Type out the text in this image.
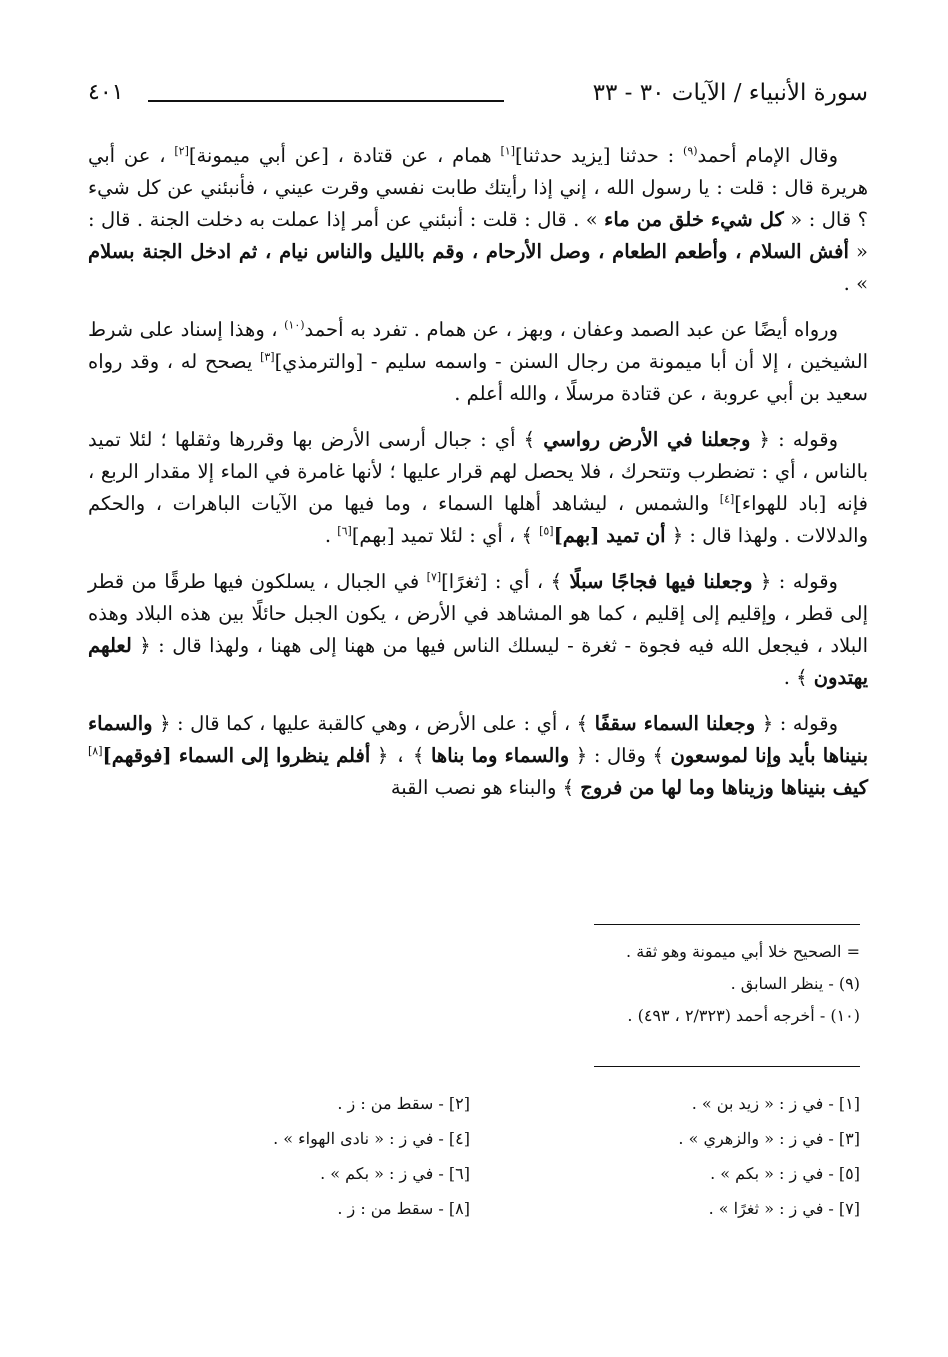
سورة الأنبياء / الآيات ٣٠ - ٣٣
٤٠١

وقال الإمام أحمد$^{(٩)}$ : حدثنا [يزيد حدثنا][١] همام ، عن قتادة ، [عن أبي ميمونة][٢] ، عن أبي هريرة قال : قلت : يا رسول الله ، إني إذا رأيتك طابت نفسي وقرت عيني ، فأنبئني عن كل شيء ؟ قال : « كل شيء خلق من ماء » . قال : قلت : أنبئني عن أمر إذا عملت به دخلت الجنة . قال : « أفش السلام ، وأطعم الطعام ، وصل الأرحام ، وقم بالليل والناس نيام ، ثم ادخل الجنة بسلام » .

ورواه أيضًا عن عبد الصمد وعفان ، وبهز ، عن همام . تفرد به أحمد$^{(١٠)}$ ، وهذا إسناد على شرط الشيخين ، إلا أن أبا ميمونة من رجال السنن - واسمه سليم - [والترمذي][٣] يصحح له ، وقد رواه سعيد بن أبي عروبة ، عن قتادة مرسلًا ، والله أعلم .

وقوله : ﴿ وجعلنا في الأرض رواسي ﴾ أي : جبال أرسى الأرض بها وقررها وثقلها ؛ لئلا تميد بالناس ، أي : تضطرب وتتحرك ، فلا يحصل لهم قرار عليها ؛ لأنها غامرة في الماء إلا مقدار الربع ، فإنه [باد للهواء][٤] والشمس ، ليشاهد أهلها السماء ، وما فيها من الآيات الباهرات ، والحكم والدلالات . ولهذا قال : ﴿ أن تميد [بهم][٥] ﴾ ، أي : لئلا تميد [بهم][٦] .

وقوله : ﴿ وجعلنا فيها فجاجًا سبلًا ﴾ ، أي : [ثغرًا][٧] في الجبال ، يسلكون فيها طرقًا من قطر إلى قطر ، وإقليم إلى إقليم ، كما هو المشاهد في الأرض ، يكون الجبل حائلًا بين هذه البلاد وهذه البلاد ، فيجعل الله فيه فجوة - ثغرة - ليسلك الناس فيها من ههنا إلى ههنا ، ولهذا قال : ﴿ لعلهم يهتدون ﴾ .

وقوله : ﴿ وجعلنا السماء سقفًا ﴾ ، أي : على الأرض ، وهي كالقبة عليها ، كما قال : ﴿ والسماء بنيناها بأيد وإنا لموسعون ﴾ وقال : ﴿ والسماء وما بناها ﴾ ، ﴿ أفلم ينظروا إلى السماء [فوقهم][٨] كيف بنيناها وزيناها وما لها من فروج ﴾ والبناء هو نصب القبة

= الصحيح خلا أبي ميمونة وهو ثقة .
(٩) - ينظر السابق .
(١٠) - أخرجه أحمد (٢/٣٢٣ ، ٤٩٣) .
[١] - في ز : « زيد بن » .
[٢] - سقط من : ز .
[٣] - في ز : « والزهري » .
[٤] - في ز : « نادى الهواء » .
[٥] - في ز : « بكم » .
[٦] - في ز : « بكم » .
[٧] - في ز : « ثغرًا » .
[٨] - سقط من : ز .
